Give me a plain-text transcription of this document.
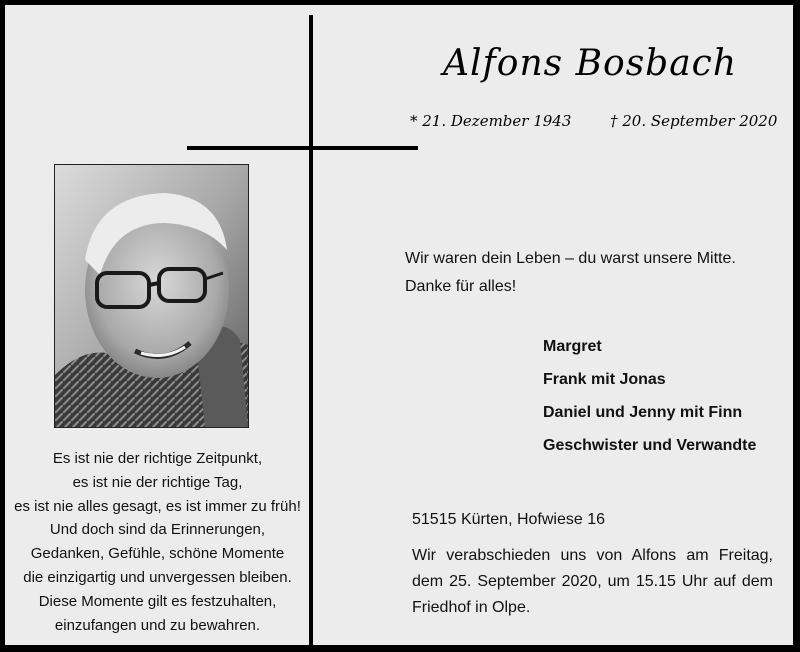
Alfons Bosbach
* 21. Dezember 1943	† 20. September 2020
Es ist nie der richtige Zeitpunkt,
es ist nie der richtige Tag,
es ist nie alles gesagt, es ist immer zu früh!
Und doch sind da Erinnerungen,
Gedanken, Gefühle, schöne Momente
die einzigartig und unvergessen bleiben.
Diese Momente gilt es festzuhalten,
einzufangen und zu bewahren.
Wir waren dein Leben – du warst unsere Mitte.
Danke für alles!
Margret
Frank mit Jonas
Daniel und Jenny mit Finn
Geschwister und Verwandte
51515 Kürten, Hofwiese 16
Wir verabschieden uns von Alfons am Freitag, dem 25. September 2020, um 15.15 Uhr auf dem Friedhof in Olpe.
